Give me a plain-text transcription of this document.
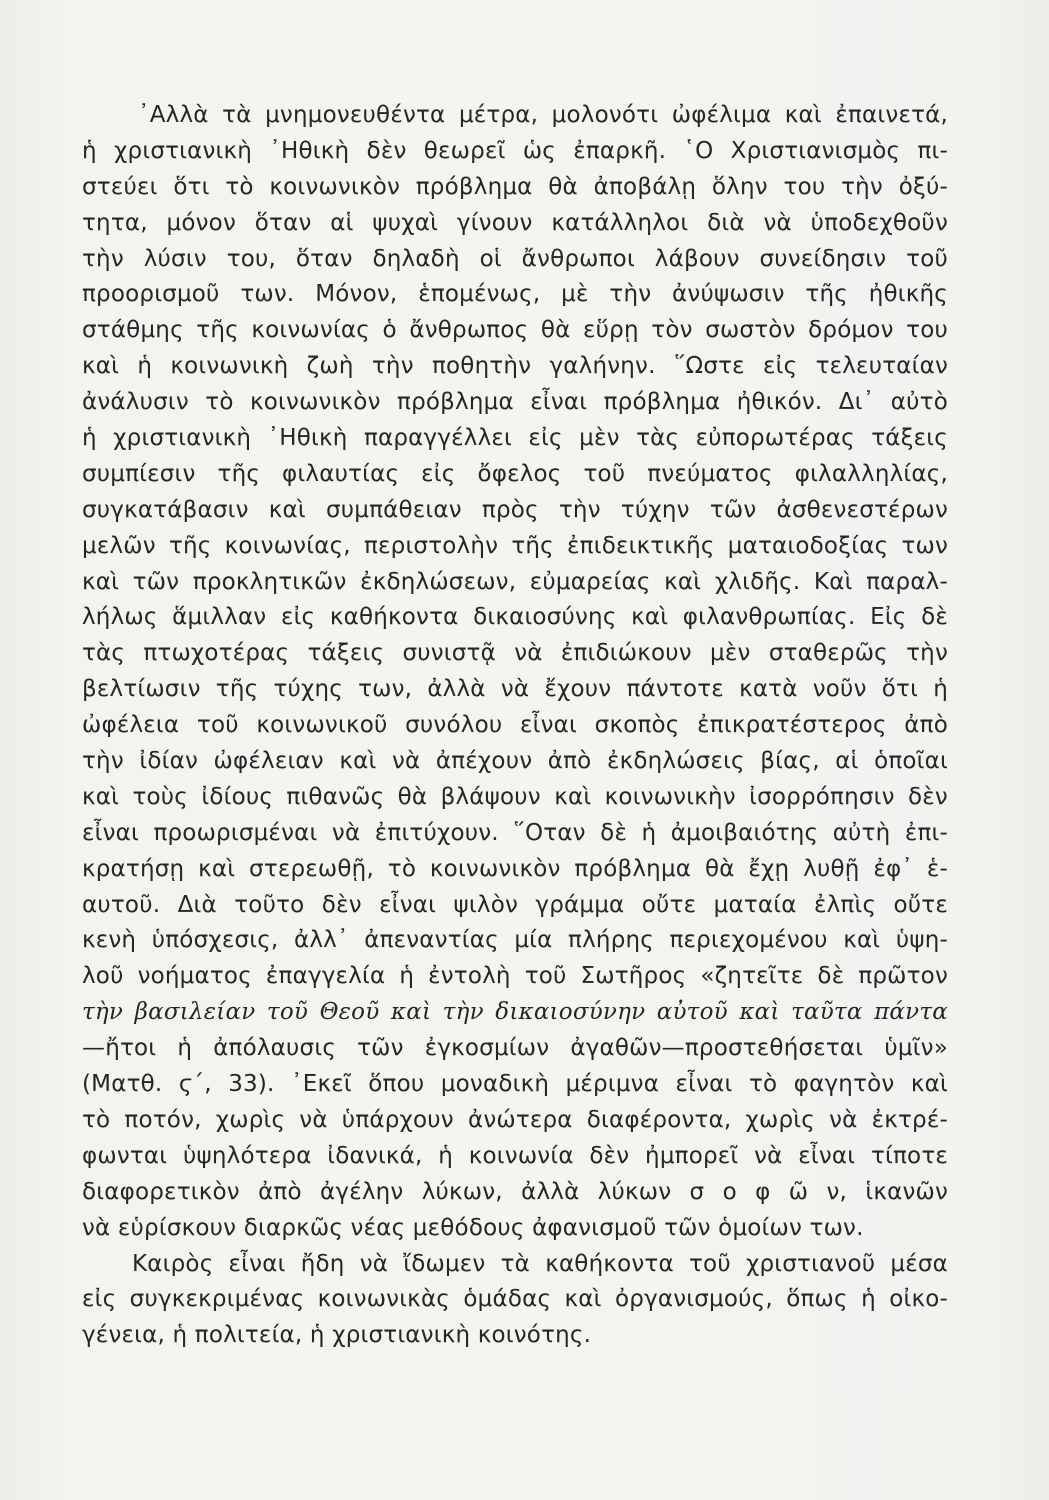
᾿Αλλὰ τὰ μνημονευθέντα μέτρα, μολονότι ὠφέλιμα καὶ ἐπαινετά,
ἡ χριστιανικὴ ᾿Ηθικὴ δὲν θεωρεῖ ὡς ἐπαρκῆ. ῾Ο Χριστιανισμὸς πι-
στεύει ὅτι τὸ κοινωνικὸν πρόβλημα θὰ ἀποβάλῃ ὅλην του τὴν ὀξύ-
τητα, μόνον ὅταν αἱ ψυχαὶ γίνουν κατάλληλοι διὰ νὰ ὑποδεχθοῦν
τὴν λύσιν του, ὅταν δηλαδὴ οἱ ἄνθρωποι λάβουν συνείδησιν τοῦ
προορισμοῦ των. Μόνον, ἑπομένως, μὲ τὴν ἀνύψωσιν τῆς ἠθικῆς
στάθμης τῆς κοινωνίας ὁ ἄνθρωπος θὰ εὕρῃ τὸν σωστὸν δρόμον του
καὶ ἡ κοινωνικὴ ζωὴ τὴν ποθητὴν γαλήνην. ῞Ωστε εἰς τελευταίαν
ἀνάλυσιν τὸ κοινωνικὸν πρόβλημα εἶναι πρόβλημα ἠθικόν. Δι᾿ αὐτὸ
ἡ χριστιανικὴ ᾿Ηθικὴ παραγγέλλει εἰς μὲν τὰς εὐπορωτέρας τάξεις
συμπίεσιν τῆς φιλαυτίας εἰς ὄφελος τοῦ πνεύματος φιλαλληλίας,
συγκατάβασιν καὶ συμπάθειαν πρὸς τὴν τύχην τῶν ἀσθενεστέρων
μελῶν τῆς κοινωνίας, περιστολὴν τῆς ἐπιδεικτικῆς ματαιοδοξίας των
καὶ τῶν προκλητικῶν ἐκδηλώσεων, εὐμαρείας καὶ χλιδῆς. Καὶ παραλ-
λήλως ἅμιλλαν εἰς καθήκοντα δικαιοσύνης καὶ φιλανθρωπίας. Εἰς δὲ
τὰς πτωχοτέρας τάξεις συνιστᾷ νὰ ἐπιδιώκουν μὲν σταθερῶς τὴν
βελτίωσιν τῆς τύχης των, ἀλλὰ νὰ ἔχουν πάντοτε κατὰ νοῦν ὅτι ἡ
ὠφέλεια τοῦ κοινωνικοῦ συνόλου εἶναι σκοπὸς ἐπικρατέστερος ἀπὸ
τὴν ἰδίαν ὠφέλειαν καὶ νὰ ἀπέχουν ἀπὸ ἐκδηλώσεις βίας, αἱ ὁποῖαι
καὶ τοὺς ἰδίους πιθανῶς θὰ βλάψουν καὶ κοινωνικὴν ἰσορρόπησιν δὲν
εἶναι προωρισμέναι νὰ ἐπιτύχουν. ῞Οταν δὲ ἡ ἀμοιβαιότης αὐτὴ ἐπι-
κρατήσῃ καὶ στερεωθῇ, τὸ κοινωνικὸν πρόβλημα θὰ ἔχῃ λυθῇ ἐφ᾿ ἑ-
αυτοῦ. Διὰ τοῦτο δὲν εἶναι ψιλὸν γράμμα οὔτε ματαία ἐλπὶς οὔτε
κενὴ ὑπόσχεσις, ἀλλ᾿ ἀπεναντίας μία πλήρης περιεχομένου καὶ ὑψη-
λοῦ νοήματος ἐπαγγελία ἡ ἐντολὴ τοῦ Σωτῆρος «ζητεῖτε δὲ πρῶτον
τὴν βασιλείαν τοῦ Θεοῦ καὶ τὴν δικαιοσύνην αὐτοῦ καὶ ταῦτα πάντα
—ἤτοι ἡ ἀπόλαυσις τῶν ἐγκοσμίων ἀγαθῶν—προστεθήσεται ὑμῖν»
(Ματθ. ϛ΄, 33). ᾿Εκεῖ ὅπου μοναδικὴ μέριμνα εἶναι τὸ φαγητὸν καὶ
τὸ ποτόν, χωρὶς νὰ ὑπάρχουν ἀνώτερα διαφέροντα, χωρὶς νὰ ἐκτρέ-
φωνται ὑψηλότερα ἰδανικά, ἡ κοινωνία δὲν ἠμπορεῖ νὰ εἶναι τίποτε
διαφορετικὸν ἀπὸ ἀγέλην λύκων, ἀλλὰ λύκων σ ο φ ῶ ν, ἱκανῶν
νὰ εὑρίσκουν διαρκῶς νέας μεθόδους ἀφανισμοῦ τῶν ὁμοίων των.
Καιρὸς εἶναι ἤδη νὰ ἴδωμεν τὰ καθήκοντα τοῦ χριστιανοῦ μέσα
εἰς συγκεκριμένας κοινωνικὰς ὁμάδας καὶ ὀργανισμούς, ὅπως ἡ οἰκο-
γένεια, ἡ πολιτεία, ἡ χριστιανικὴ κοινότης.
